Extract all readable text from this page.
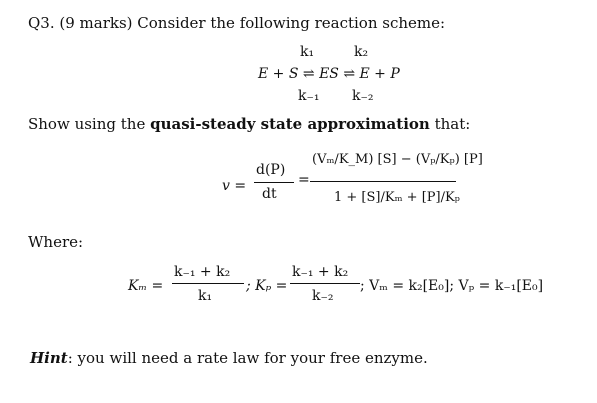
Q3. (9 marks) Consider the following reaction scheme:
k₁	k₂
E + S ⇌ ES ⇌ E + P
k₋₁ k₋₂
Show using the quasi-steady state approximation that:
v =
d(P)
dt
=
(Vₘ/K_M) [S] − (Vₚ/Kₚ) [P]
1 + [S]/Kₘ + [P]/Kₚ
Where:
Kₘ =
k₋₁ + k₂
k₁
; Kₚ =
k₋₁ + k₂
k₋₂
; Vₘ = k₂[E₀]; Vₚ = k₋₁[E₀]
Hint: you will need a rate law for your free enzyme.
